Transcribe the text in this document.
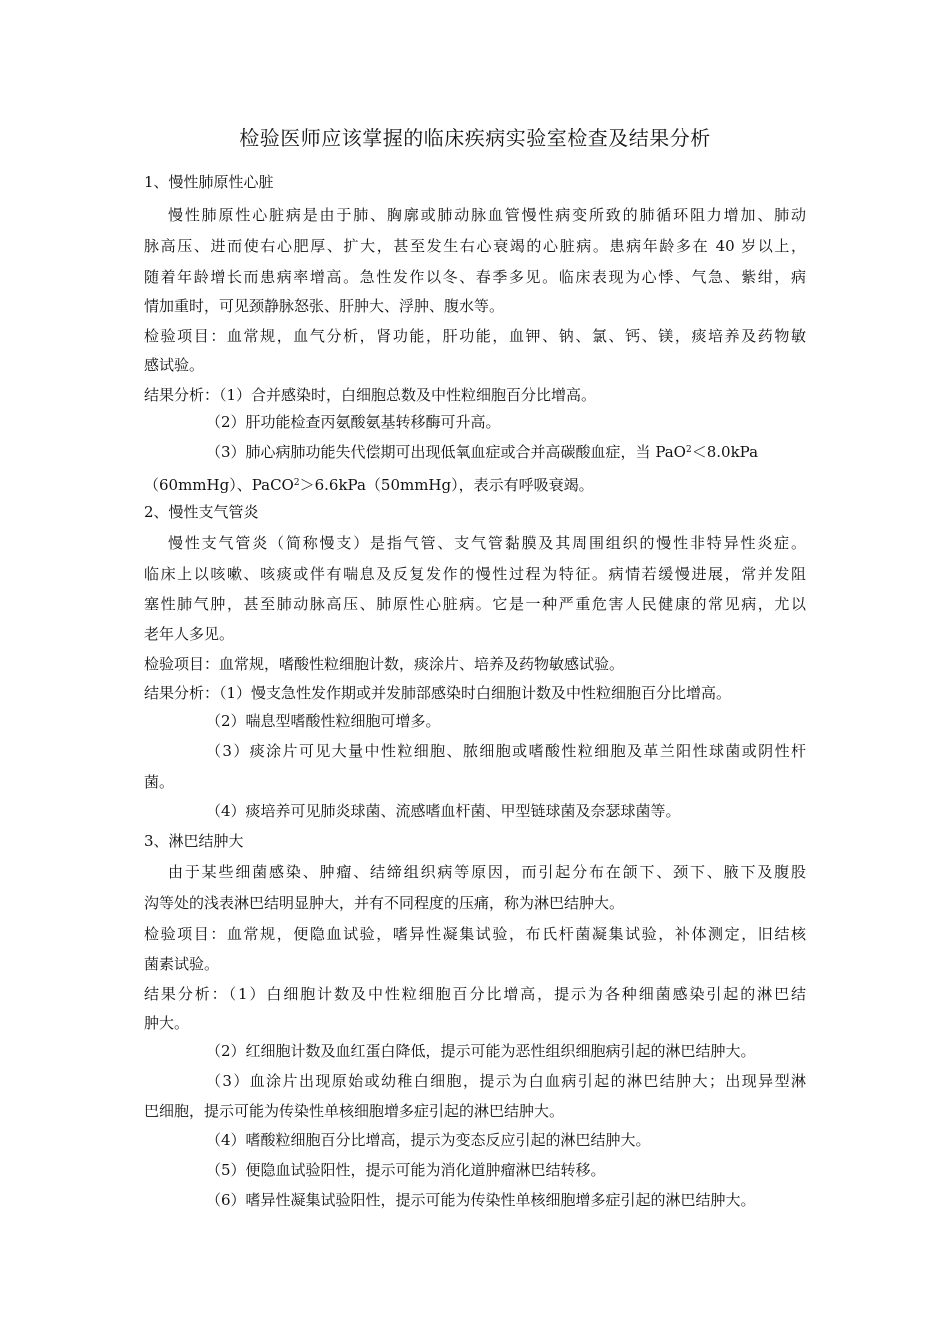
检验医师应该掌握的临床疾病实验室检查及结果分析
1、慢性肺原性心脏
慢性肺原性心脏病是由于肺、胸廓或肺动脉血管慢性病变所致的肺循环阻力增加、肺动
脉高压、进而使右心肥厚、扩大，甚至发生右心衰竭的心脏病。患病年龄多在 40 岁以上，
随着年龄增长而患病率增高。急性发作以冬、春季多见。临床表现为心悸、气急、紫绀，病
情加重时，可见颈静脉怒张、肝肿大、浮肿、腹水等。
检验项目：血常规，血气分析，肾功能，肝功能，血钾、钠、氯、钙、镁，痰培养及药物敏
感试验。
结果分析：（1）合并感染时，白细胞总数及中性粒细胞百分比增高。
（2）肝功能检查丙氨酸氨基转移酶可升高。
（3）肺心病肺功能失代偿期可出现低氧血症或合并高碳酸血症，当 PaO$^2$＜8.0kPa
（60mmHg）、PaCO$^2$＞6.6kPa（50mmHg），表示有呼吸衰竭。
2、慢性支气管炎
慢性支气管炎（简称慢支）是指气管、支气管黏膜及其周围组织的慢性非特异性炎症。
临床上以咳嗽、咳痰或伴有喘息及反复发作的慢性过程为特征。病情若缓慢进展，常并发阻
塞性肺气肿，甚至肺动脉高压、肺原性心脏病。它是一种严重危害人民健康的常见病，尤以
老年人多见。
检验项目：血常规，嗜酸性粒细胞计数，痰涂片、培养及药物敏感试验。
结果分析：（1）慢支急性发作期或并发肺部感染时白细胞计数及中性粒细胞百分比增高。
（2）喘息型嗜酸性粒细胞可增多。
（3）痰涂片可见大量中性粒细胞、脓细胞或嗜酸性粒细胞及革兰阳性球菌或阴性杆
菌。
（4）痰培养可见肺炎球菌、流感嗜血杆菌、甲型链球菌及奈瑟球菌等。
3、淋巴结肿大
由于某些细菌感染、肿瘤、结缔组织病等原因，而引起分布在颌下、颈下、腋下及腹股
沟等处的浅表淋巴结明显肿大，并有不同程度的压痛，称为淋巴结肿大。
检验项目：血常规，便隐血试验，嗜异性凝集试验，布氏杆菌凝集试验，补体测定，旧结核
菌素试验。
结果分析：（1）白细胞计数及中性粒细胞百分比增高，提示为各种细菌感染引起的淋巴结
肿大。
（2）红细胞计数及血红蛋白降低，提示可能为恶性组织细胞病引起的淋巴结肿大。
（3）血涂片出现原始或幼稚白细胞，提示为白血病引起的淋巴结肿大；出现异型淋
巴细胞，提示可能为传染性单核细胞增多症引起的淋巴结肿大。
（4）嗜酸粒细胞百分比增高，提示为变态反应引起的淋巴结肿大。
（5）便隐血试验阳性，提示可能为消化道肿瘤淋巴结转移。
（6）嗜异性凝集试验阳性，提示可能为传染性单核细胞增多症引起的淋巴结肿大。
